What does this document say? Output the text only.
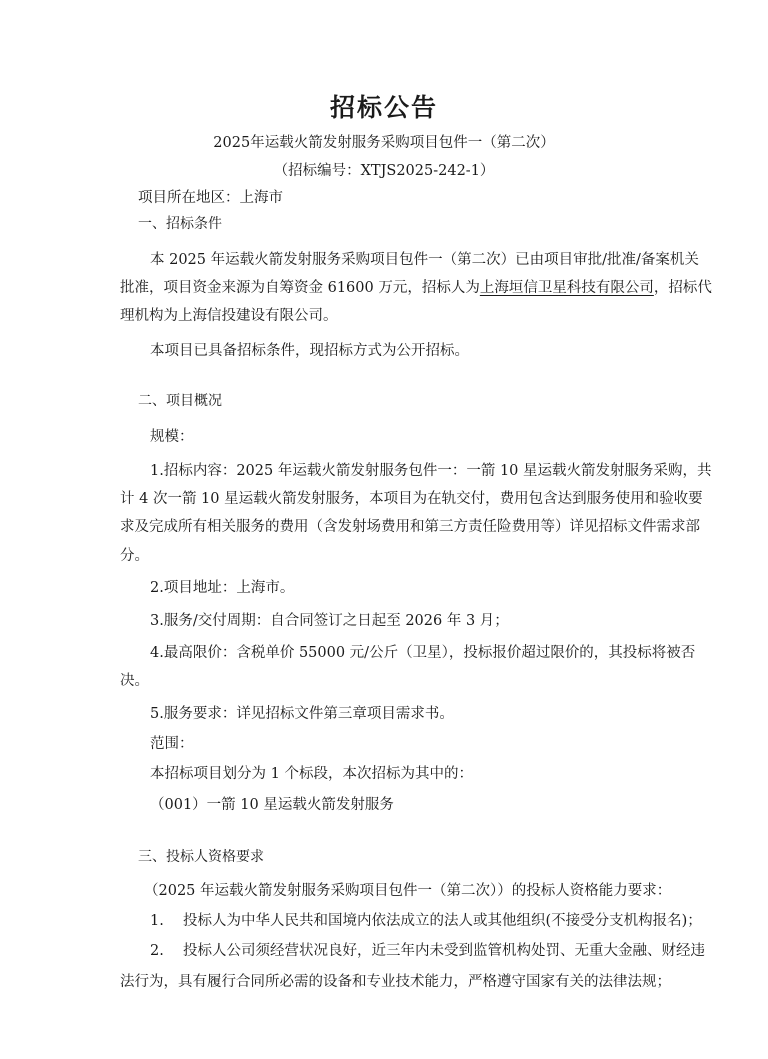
招标公告
2025年运载火箭发射服务采购项目包件一（第二次）
（招标编号：XTJS2025-242-1）
项目所在地区：上海市
一、招标条件
本 2025 年运载火箭发射服务采购项目包件一（第二次）已由项目审批/批准/备案机关
批准，项目资金来源为自筹资金 61600 万元，招标人为上海垣信卫星科技有限公司，招标代
理机构为上海信投建设有限公司。
本项目已具备招标条件，现招标方式为公开招标。
二、项目概况
规模：
1.招标内容：2025 年运载火箭发射服务包件一：一箭 10 星运载火箭发射服务采购，共
计 4 次一箭 10 星运载火箭发射服务，本项目为在轨交付，费用包含达到服务使用和验收要
求及完成所有相关服务的费用（含发射场费用和第三方责任险费用等）详见招标文件需求部
分。
2.项目地址：上海市。
3.服务/交付周期：自合同签订之日起至 2026 年 3 月；
4.最高限价：含税单价 55000 元/公斤（卫星），投标报价超过限价的，其投标将被否
决。
5.服务要求：详见招标文件第三章项目需求书。
范围：
本招标项目划分为 1 个标段，本次招标为其中的：
（001）一箭 10 星运载火箭发射服务
三、投标人资格要求
（2025 年运载火箭发射服务采购项目包件一（第二次））的投标人资格能力要求：
1.　 投标人为中华人民共和国境内依法成立的法人或其他组织(不接受分支机构报名)；
2.　 投标人公司须经营状况良好，近三年内未受到监管机构处罚、无重大金融、财经违
法行为，具有履行合同所必需的设备和专业技术能力，严格遵守国家有关的法律法规；
